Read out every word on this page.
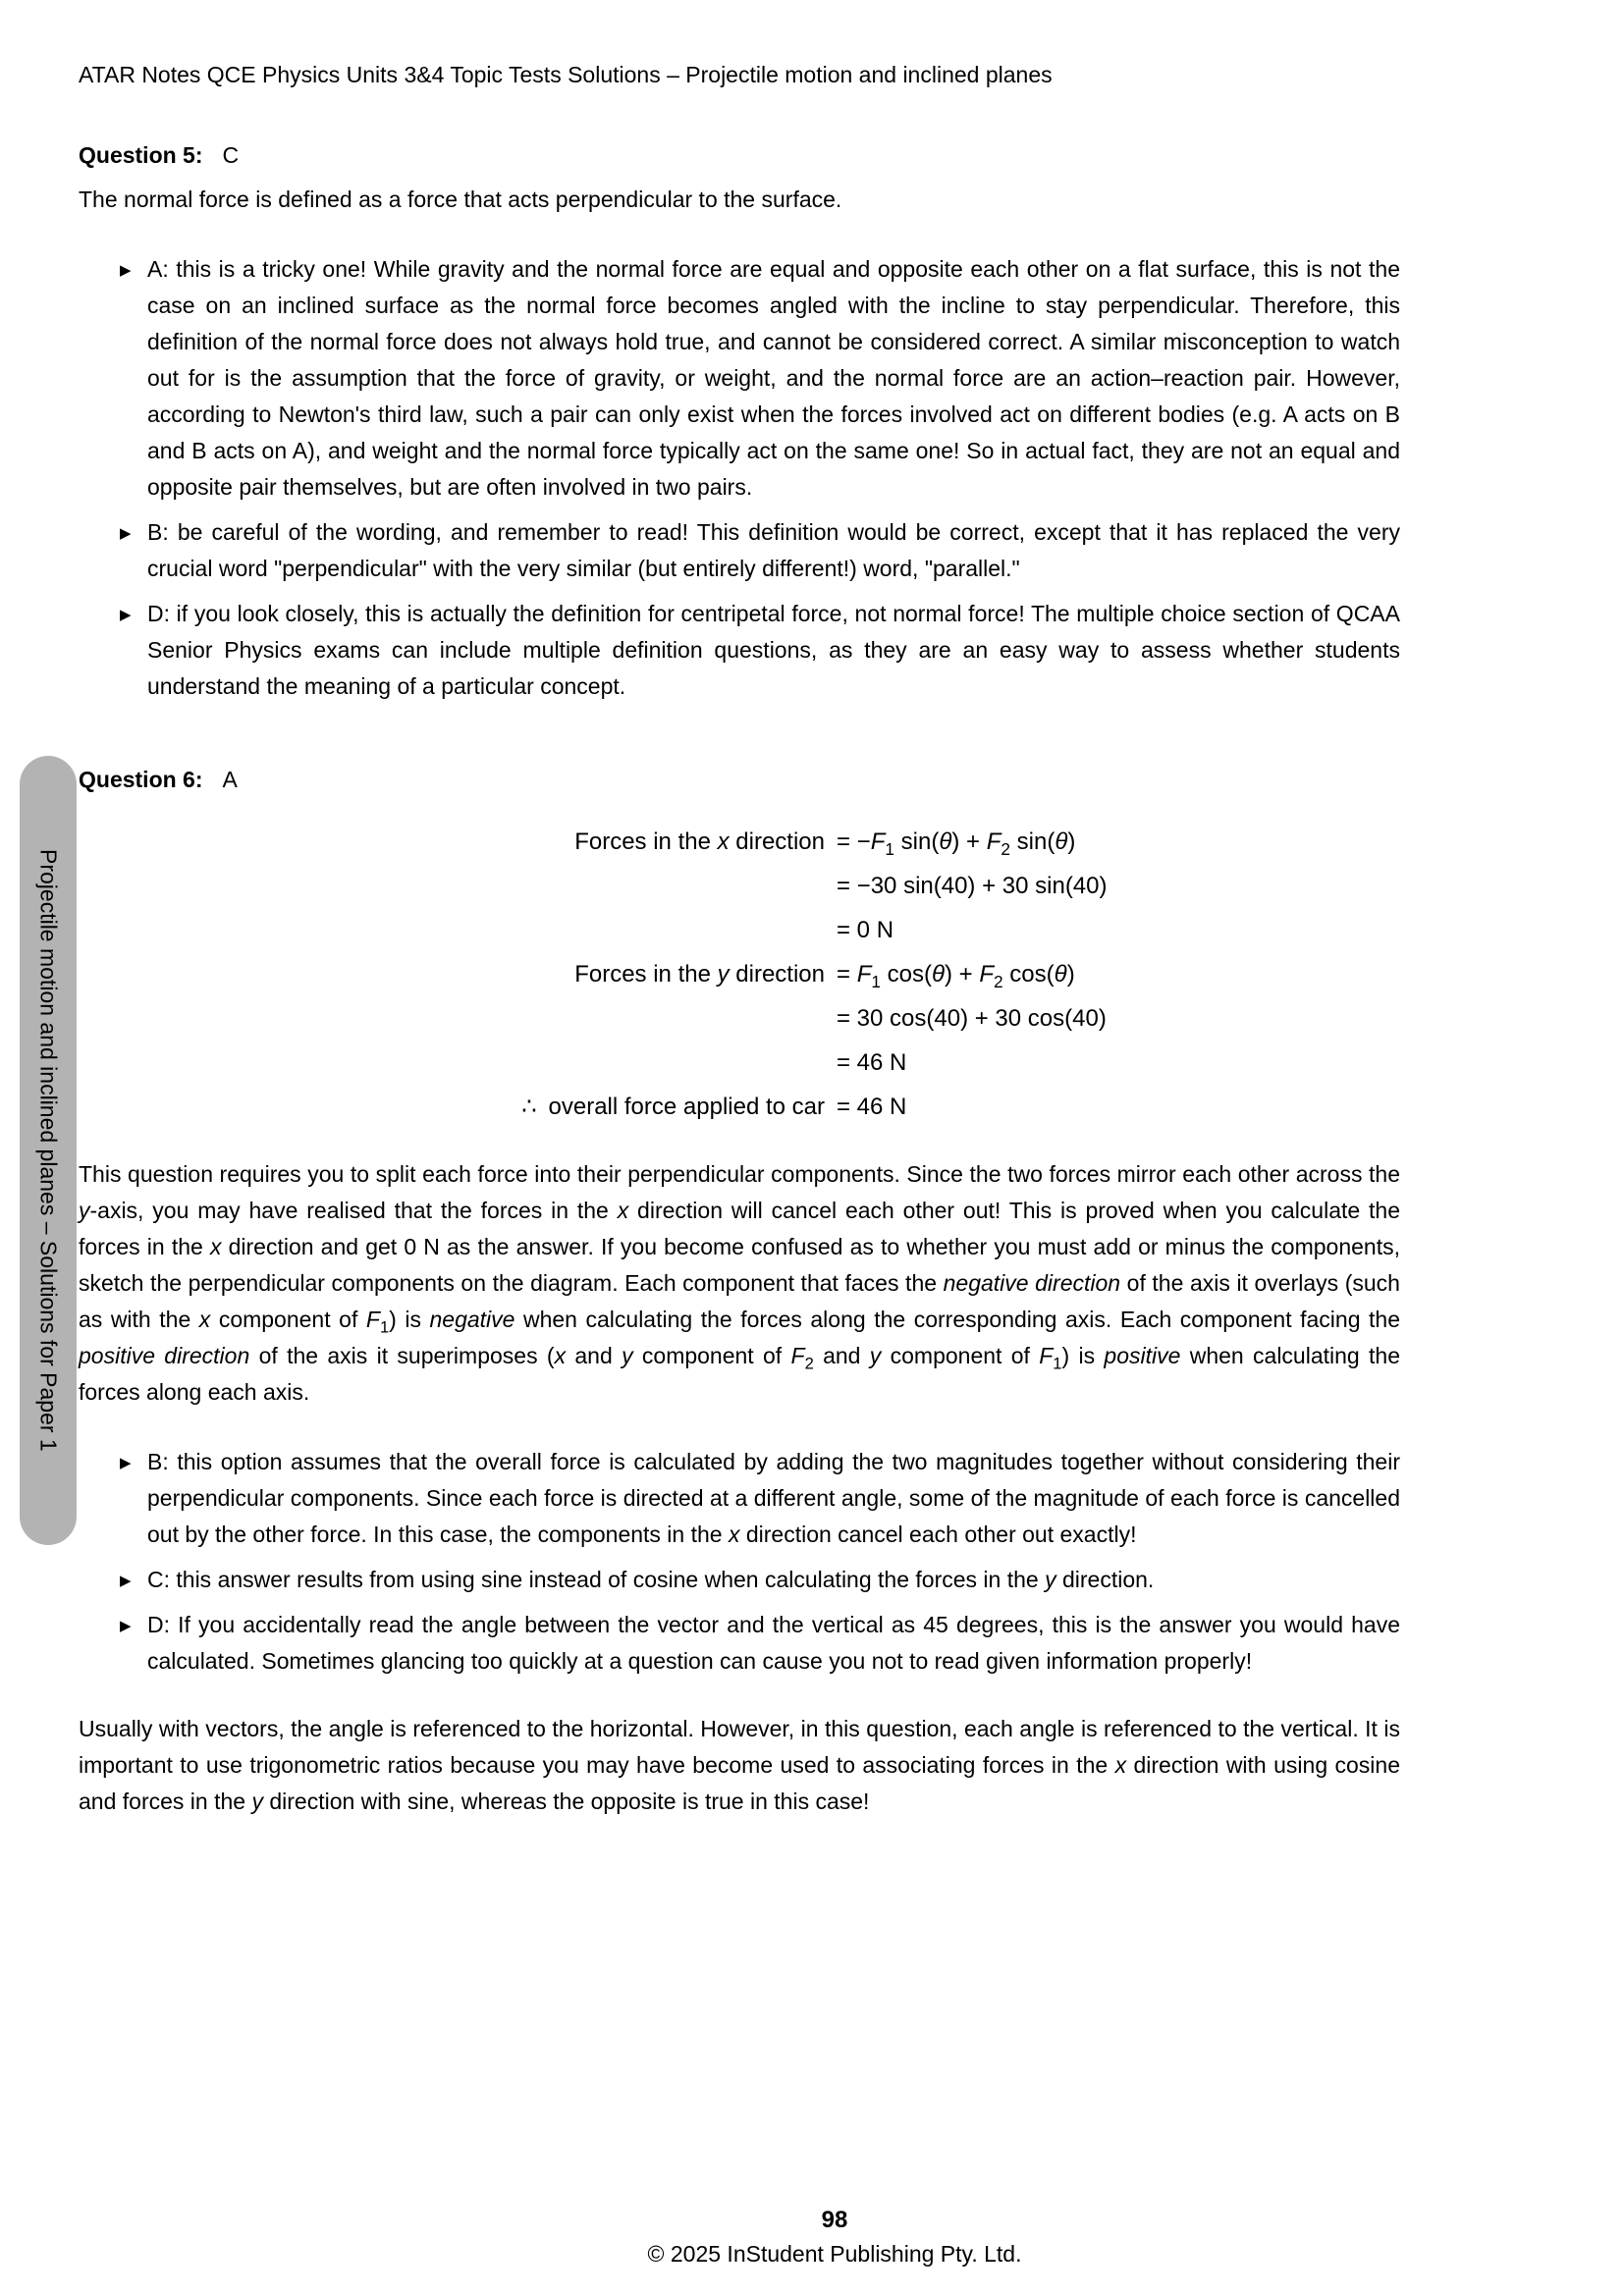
ATAR Notes QCE Physics Units 3&4 Topic Tests Solutions – Projectile motion and inclined planes
Projectile motion and inclined planes – Solutions for Paper 1
Question 5: C
The normal force is defined as a force that acts perpendicular to the surface.
▶ A: this is a tricky one! While gravity and the normal force are equal and opposite each other on a flat surface, this is not the case on an inclined surface as the normal force becomes angled with the incline to stay perpendicular. Therefore, this definition of the normal force does not always hold true, and cannot be considered correct. A similar misconception to watch out for is the assumption that the force of gravity, or weight, and the normal force are an action–reaction pair. However, according to Newton's third law, such a pair can only exist when the forces involved act on different bodies (e.g. A acts on B and B acts on A), and weight and the normal force typically act on the same one! So in actual fact, they are not an equal and opposite pair themselves, but are often involved in two pairs.
▶ B: be careful of the wording, and remember to read! This definition would be correct, except that it has replaced the very crucial word "perpendicular" with the very similar (but entirely different!) word, "parallel."
▶ D: if you look closely, this is actually the definition for centripetal force, not normal force! The multiple choice section of QCAA Senior Physics exams can include multiple definition questions, as they are an easy way to assess whether students understand the meaning of a particular concept.
Question 6: A
Forces in the x direction = $-F_1$ $\sin(\theta) + F_2$ sin(θ)
= −30 sin(40) + 30 sin(40)
= 0 N
Forces in the y direction = $F_1$ $\cos(\theta) + F_2$ cos(θ)
= 30 cos(40) + 30 cos(40)
= 46 N
∴ overall force applied to car = 46 N
This question requires you to split each force into their perpendicular components. Since the two forces mirror each other across the y-axis, you may have realised that the forces in the x direction will cancel each other out! This is proved when you calculate the forces in the x direction and get 0 N as the answer. If you become confused as to whether you must add or minus the components, sketch the perpendicular components on the diagram. Each component that faces the negative direction of the axis it overlays (such as with the x component of $F_1$) is negative when calculating the forces along the corresponding axis. Each component facing the positive direction of the axis it superimposes (x and y component of $F_2$ and y component of $F_1$) is positive when calculating the forces along each axis.
▶ B: this option assumes that the overall force is calculated by adding the two magnitudes together without considering their perpendicular components. Since each force is directed at a different angle, some of the magnitude of each force is cancelled out by the other force. In this case, the components in the x direction cancel each other out exactly!
▶ C: this answer results from using sine instead of cosine when calculating the forces in the y direction.
▶ D: If you accidentally read the angle between the vector and the vertical as 45 degrees, this is the answer you would have calculated. Sometimes glancing too quickly at a question can cause you not to read given information properly!
Usually with vectors, the angle is referenced to the horizontal. However, in this question, each angle is referenced to the vertical. It is important to use trigonometric ratios because you may have become used to associating forces in the x direction with using cosine and forces in the y direction with sine, whereas the opposite is true in this case!
98
© 2025 InStudent Publishing Pty. Ltd.
